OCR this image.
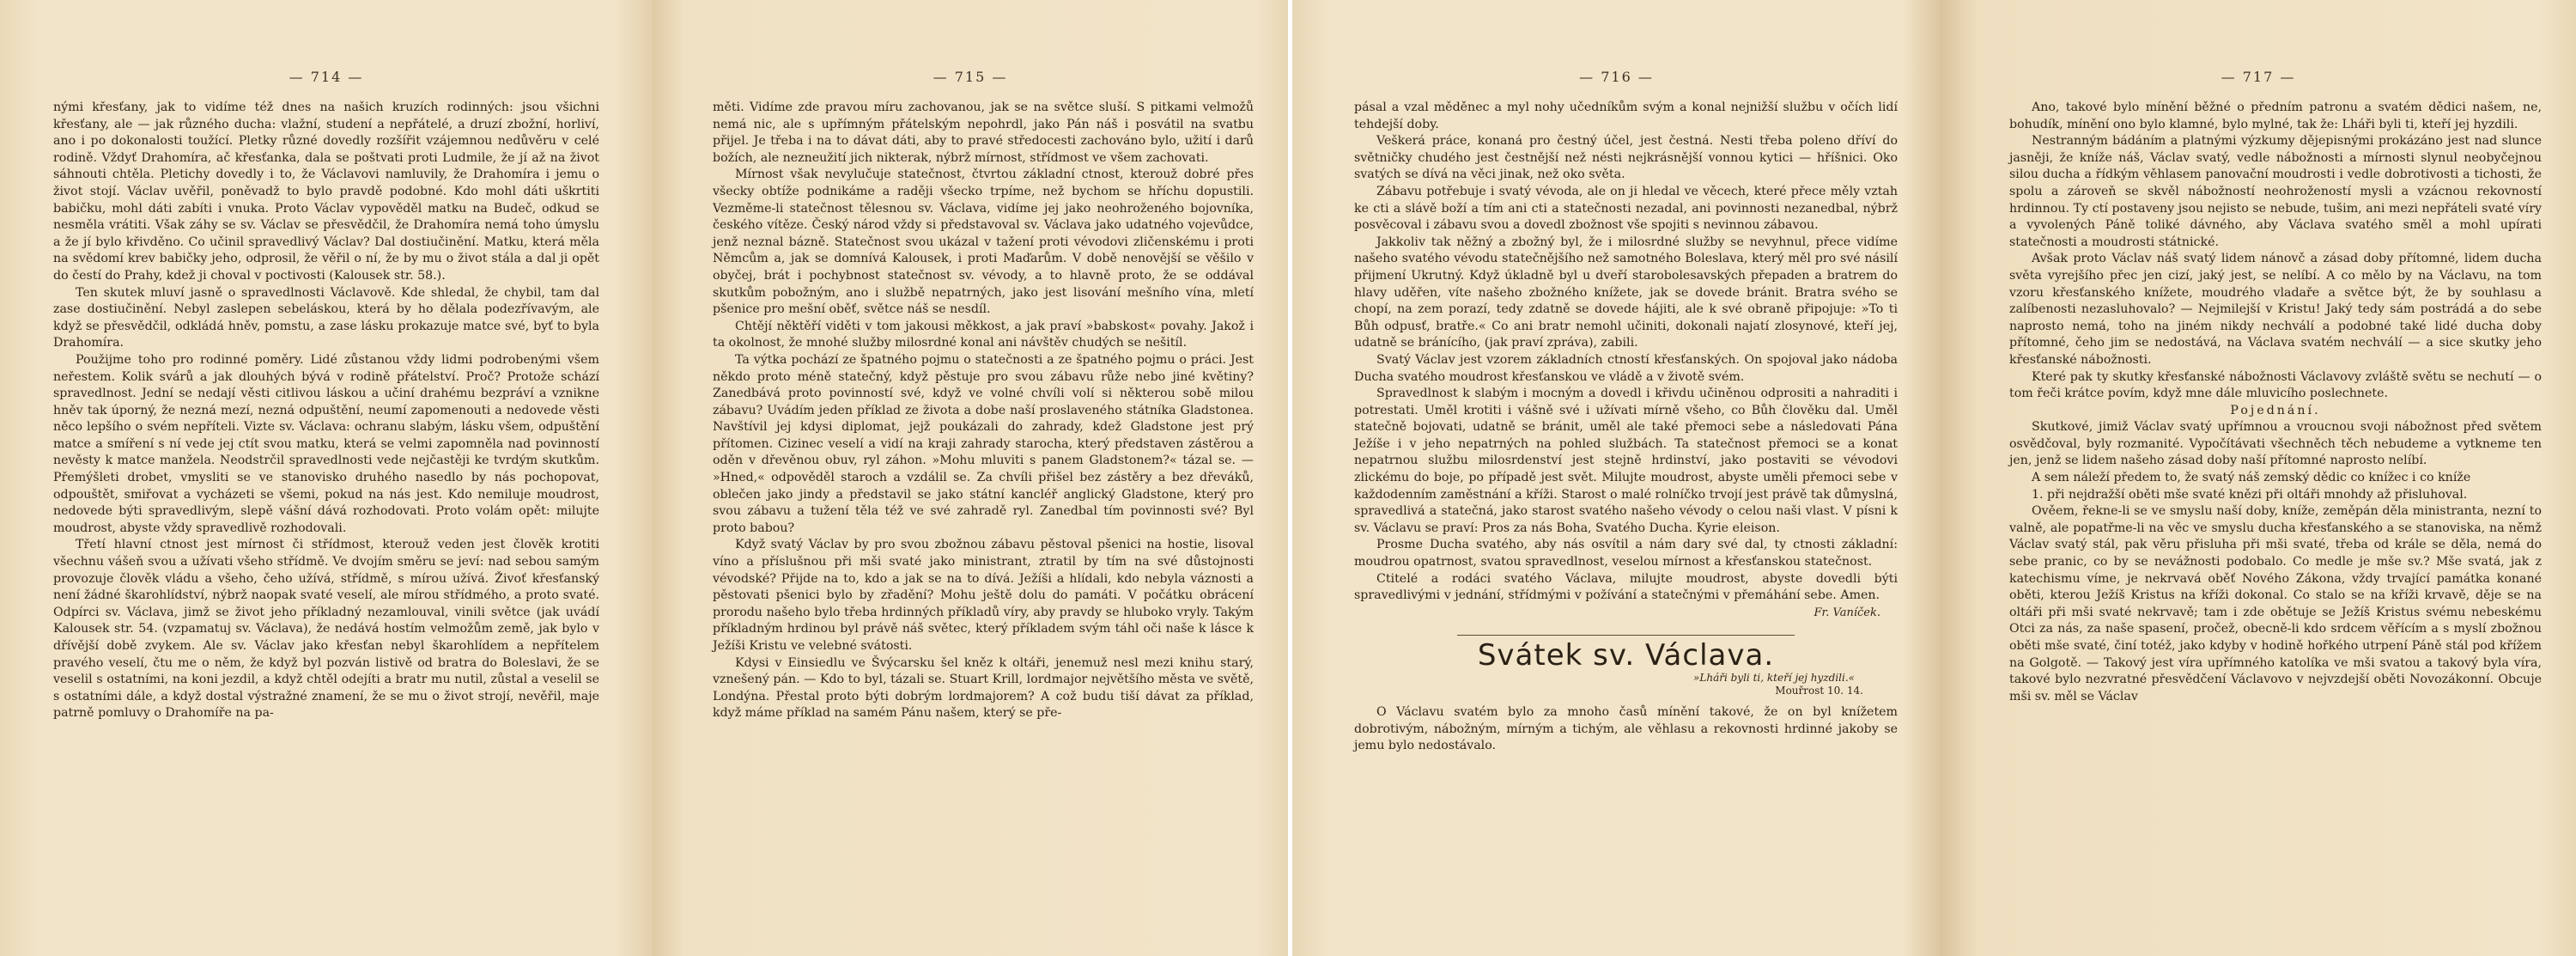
— 714 —

nými křesťany, jak to vidíme též dnes na našich kruzích rodinných: jsou všichni křesťany, ale — jak různého ducha: vlažní, studení a nepřátelé, a druzí zbožní, horliví, ano i po dokonalosti toužící. Pletky různé dovedly rozšířit vzájemnou nedůvěru v celé rodině. Vždyť Drahomíra, ač křesťanka, dala se poštvati proti Ludmile, že jí až na život sáhnouti chtěla. Pletichy dovedly i to, že Václavovi namluvily, že Drahomíra i jemu o život stojí. Václav uvěřil, poněvadž to bylo pravdě podobné. Kdo mohl dáti uškrtiti babičku, mohl dáti zabíti i vnuka. Proto Václav vypověděl matku na Budeč, odkud se nesměla vrátiti. Však záhy se sv. Václav se přesvědčil, že Drahomíra nemá toho úmyslu a že jí bylo křivděno. Co učinil spravedlivý Václav? Dal dostiučinění. Matku, která měla na svědomí krev babičky jeho, odprosil, že věřil o ní, že by mu o život stála a dal ji opět do čestí do Prahy, kdež ji choval v poctivosti (Kalousek str. 58.).

Ten skutek mluví jasně o spravedlnosti Václavově. Kde shledal, že chybil, tam dal zase dostiučinění. Nebyl zaslepen sebeláskou, která by ho dělala podezřívavým, ale když se přesvědčil, odkládá hněv, pomstu, a zase lásku prokazuje matce své, byť to byla Drahomíra.

Použijme toho pro rodinné poměry. Lidé zůstanou vždy lidmi podrobenými všem neřestem. Kolik svárů a jak dlouhých bývá v rodině přátelství. Proč? Protože schází spravedlnost. Jední se nedají věsti citlivou láskou a učiní drahému bezpráví a vznikne hněv tak úporný, že nezná mezí, nezná odpuštění, neumí zapomenouti a nedovede věsti něco lepšího o svém nepříteli. Vizte sv. Václava: ochranu slabým, lásku všem, odpuštění matce a smíření s ní vede jej ctít svou matku, která se velmi zapomněla nad povinností nevěsty k matce manžela. Neodstrčil spravedlnosti vede nejčastěji ke tvrdým skutkům. Přemýšleti drobet, vmysliti se ve stanovisko druhého nasedlo by nás pochopovat, odpouštět, smiřovat a vycházeti se všemi, pokud na nás jest. Kdo nemiluje moudrost, nedovede býti spravedlivým, slepě vášní dává rozhodovati. Proto volám opět: milujte moudrost, abyste vždy spravedlivě rozhodovali.

Třetí hlavní ctnost jest mírnost či střídmost, kterouž veden jest člověk krotiti všechnu vášeň svou a užívati všeho střídmě. Ve dvojím směru se jeví: nad sebou samým provozuje člověk vládu a všeho, čeho užívá, střídmě, s mírou užívá. Živoť křesťanský není žádné škarohlídství, nýbrž naopak svaté veselí, ale mírou střídmého, a proto svaté. Odpírci sv. Václava, jimž se život jeho příkladný nezamlouval, vinili světce (jak uvádí Kalousek str. 54. (vzpamatuj sv. Václava), že nedává hostím velmožům země, jak bylo v dřívější době zvykem. Ale sv. Václav jako křesťan nebyl škarohlídem a nepřítelem pravého veselí, čtu me o něm, že když byl pozván listivě od bratra do Boleslavi, že se veselil s ostatními, na koni jezdil, a když chtěl odejíti a bratr mu nutil, zůstal a veselil se s ostatními dále, a když dostal výstražné znamení, že se mu o život strojí, nevěřil, maje patrně pomluvy o Drahomíře na pa-

— 715 —

měti. Vidíme zde pravou míru zachovanou, jak se na světce sluší. S pitkami velmožů nemá nic, ale s upřímným přátelským nepohrdl, jako Pán náš i posvátil na svatbu přijel. Je třeba i na to dávat dáti, aby to pravé středocesti zachováno bylo, užití i darů božích, ale nezneužití jich nikterak, nýbrž mírnost, střídmost ve všem zachovati.

Mírnost však nevylučuje statečnost, čtvrtou základní ctnost, kterouž dobré přes všecky obtíže podnikáme a raději všecko trpíme, než bychom se hříchu dopustili. Vezměme-li statečnost tělesnou sv. Václava, vidíme jej jako neohroženého bojovníka, českého vítěze. Český národ vždy si představoval sv. Václava jako udatného vojevůdce, jenž neznal bázně. Statečnost svou ukázal v tažení proti vévodovi zličenskému i proti Němcům a, jak se domnívá Kalousek, i proti Maďarům. V době nenovější se věšilo v obyčej, brát i pochybnost statečnost sv. vévody, a to hlavně proto, že se oddával skutkům pobožným, ano i službě nepatrných, jako jest lisování mešního vína, mletí pšenice pro mešní oběť, světce náš se nesdíl.

Chtějí něktěří viděti v tom jakousi měkkost, a jak praví »babskost« povahy. Jakož i ta okolnost, že mnohé služby milosrdné konal ani návštěv chudých se nešitíl.

Ta výtka pochází ze špatného pojmu o statečnosti a ze špatného pojmu o práci. Jest někdo proto méně statečný, když pěstuje pro svou zábavu růže nebo jiné květiny? Zanedbává proto povinností své, když ve volné chvíli volí si některou sobě milou zábavu? Uvádím jeden příklad ze života a dobe naší proslaveného státníka Gladstonea. Navštívil jej kdysi diplomat, jejž poukázali do zahrady, kdež Gladstone jest prý přítomen. Cizinec veselí a vidí na kraji zahrady starocha, který představen zástěrou a oděn v dřevěnou obuv, ryl záhon. »Mohu mluviti s panem Gladstonem?« tázal se. — »Hned,« odpověděl staroch a vzdálil se. Za chvíli přišel bez zástěry a bez dřeváků, oblečen jako jindy a představil se jako státní kancléř anglický Gladstone, který pro svou zábavu a tužení těla též ve své zahradě ryl. Zanedbal tím povinnosti své? Byl proto babou?

Když svatý Václav by pro svou zbožnou zábavu pěstoval pšenici na hostie, lisoval víno a příslušnou při mši svaté jako ministrant, ztratil by tím na své důstojnosti vévodské? Přijde na to, kdo a jak se na to dívá. Ježíši a hlídali, kdo nebyla váznosti a pěstovati pšenici bylo by zřadění? Mohu ještě dolu do památi. V počátku obrácení prorodu našeho bylo třeba hrdinných příkladů víry, aby pravdy se hluboko vryly. Takým příkladným hrdinou byl právě náš světec, který příkladem svým táhl oči naše k lásce k Ježíši Kristu ve velebné svátosti.

Kdysi v Einsiedlu ve Švýcarsku šel kněz k oltáři, jenemuž nesl mezi knihu starý, vznešený pán. — Kdo to byl, tázali se. Stuart Krill, lordmajor největšího města ve světě, Londýna. Přestal proto býti dobrým lordmajorem? A což budu tiší dávat za příklad, když máme příklad na samém Pánu našem, který se pře-

— 716 —

pásal a vzal měděnec a myl nohy učedníkům svým a konal nejnižší službu v očích lidí tehdejší doby.

Veškerá práce, konaná pro čestný účel, jest čestná. Nesti třeba poleno dříví do světničky chudého jest čestnější než nésti nejkrásnější vonnou kytici — hříšnici. Oko svatých se dívá na věci jinak, než oko světa.

Zábavu potřebuje i svatý vévoda, ale on ji hledal ve věcech, které přece měly vztah ke cti a slávě boží a tím ani cti a statečnosti nezadal, ani povinnosti nezanedbal, nýbrž posvěcoval i zábavu svou a dovedl zbožnost vše spojiti s nevinnou zábavou.

Jakkoliv tak něžný a zbožný byl, že i milosrdné služby se nevyhnul, přece vidíme našeho svatého vévodu statečnějšího než samotného Boleslava, který měl pro své násilí přijmení Ukrutný. Když úkladně byl u dveří starobolesavských přepaden a bratrem do hlavy uděřen, víte našeho zbožného knížete, jak se dovede bránit. Bratra svého se chopí, na zem porazí, tedy zdatně se dovede hájiti, ale k své obraně připojuje: »To ti Bůh odpusť, bratře.« Co ani bratr nemohl učiniti, dokonali najatí zlosynové, kteří jej, udatně se bránícího, (jak praví zpráva), zabili.

Svatý Václav jest vzorem základních ctností křesťanských. On spojoval jako nádoba Ducha svatého moudrost křesťanskou ve vládě a v životě svém.

Spravedlnost k slabým i mocným a dovedl i křivdu učiněnou odprositi a nahraditi i potrestati. Uměl krotiti i vášně své i užívati mírně všeho, co Bůh člověku dal. Uměl statečně bojovati, udatně se bránit, uměl ale také přemoci sebe a následovati Pána Ježíše i v jeho nepatrných na pohled službách. Ta statečnost přemoci se a konat nepatrnou službu milosrdenství jest stejně hrdinství, jako postaviti se vévodovi zlickému do boje, po případě jest svět. Milujte moudrost, abyste uměli přemoci sebe v každodenním zaměstnání a kříži. Starost o malé rolníčko trvojí jest právě tak důmyslná, spravedlivá a statečná, jako starost svatého našeho vévody o celou naši vlast. V písni k sv. Václavu se praví: Pros za nás Boha, Svatého Ducha. Kyrie eleison.

Prosme Ducha svatého, aby nás osvítil a nám dary své dal, ty ctnosti základní: moudrou opatrnost, svatou spravedlnost, veselou mírnost a křesťanskou statečnost.

Ctitelé a rodáci svatého Václava, milujte moudrost, abyste dovedli býti spravedlivými v jednání, střídmými v požívání a statečnými v přemáhání sebe. Amen.

Fr. Vaníček.
Svátek sv. Václava.
»Lháři byli ti, kteří jej hyzdili.«
Mouřrost 10. 14.

O Václavu svatém bylo za mnoho časů mínění takové, že on byl knížetem dobrotivým, nábožným, mírným a tichým, ale věhlasu a rekovnosti hrdinné jakoby se jemu bylo nedostávalo.

— 717 —

Ano, takové bylo mínění běžné o předním patronu a svatém dědici našem, ne, bohudík, mínění ono bylo klamné, bylo mylné, tak že: Lháři byli ti, kteří jej hyzdili.

Nestranným bádáním a platnými výzkumy dějepisnými prokázáno jest nad slunce jasněji, že kníže náš, Václav svatý, vedle nábožnosti a mírnosti slynul neobyčejnou silou ducha a řídkým věhlasem panovační moudrosti i vedle dobrotivosti a tichosti, že spolu a zároveň se skvěl nábožností neohrožeností mysli a vzácnou rekovností hrdinnou. Ty ctí postaveny jsou nejisto se nebude, tušim, ani mezi nepřáteli svaté víry a vyvolených Páně toliké dávného, aby Václava svatého směl a mohl upírati statečnosti a moudrosti státnické.

Avšak proto Václav náš svatý lidem nánovč a zásad doby přítomné, lidem ducha světa vyrejšího přec jen cizí, jaký jest, se nelíbí. A co mělo by na Václavu, na tom vzoru křesťanského knížete, moudrého vladaře a světce být, že by souhlasu a zalíbenosti nezasluhovalo? — Nejmilejší v Kristu! Jaký tedy sám postrádá a do sebe naprosto nemá, toho na jiném nikdy nechválí a podobné také lidé ducha doby přítomné, čeho jim se nedostává, na Václava svatém nechválí — a sice skutky jeho křesťanské nábožnosti.

Které pak ty skutky křesťanské nábožnosti Václavovy zvláště světu se nechutí — o tom řeči krátce povím, když mne dále mluvicího poslechnete.

Pojednání.

Skutkové, jimiž Václav svatý upřímnou a vroucnou svoji nábožnost před světem osvědčoval, byly rozmanité. Vypočítávati všechněch těch nebudeme a vytkneme ten jen, jenž se lidem našeho zásad doby naší přítomné naprosto nelíbí.

A sem náleží předem to, že svatý náš zemský dědic co knížec i co kníže

1. při nejdražší oběti mše svaté knězi při oltáři mnohdy až přisluhoval.

Ověem, řekne-li se ve smyslu naší doby, kníže, zeměpán děla ministranta, nezní to valně, ale popatřme-li na věc ve smyslu ducha křesťanského a se stanoviska, na němž Václav svatý stál, pak věru přisluha při mši svaté, třeba od krále se děla, nemá do sebe pranic, co by se nevážnosti podobalo. Co medle je mše sv.? Mše svatá, jak z katechismu víme, je nekrvavá oběť Nového Zákona, vždy trvající památka konané oběti, kterou Ježíš Kristus na kříži dokonal. Co stalo se na kříži krvavě, děje se na oltáři při mši svaté nekrvavě; tam i zde obětuje se Ježíš Kristus svému nebeskému Otci za nás, za naše spasení, pročež, obecně-li kdo srdcem věřícím a s myslí zbožnou oběti mše svaté, činí totéž, jako kdyby v hodině hořkého utrpení Páně stál pod křížem na Golgotě. — Takový jest víra upřímného katolíka ve mši svatou a takový byla víra, takové bylo nezvratné přesvědčení Václavovo v nejvzdejší oběti Novozákonní. Obcuje mši sv. měl se Václav
